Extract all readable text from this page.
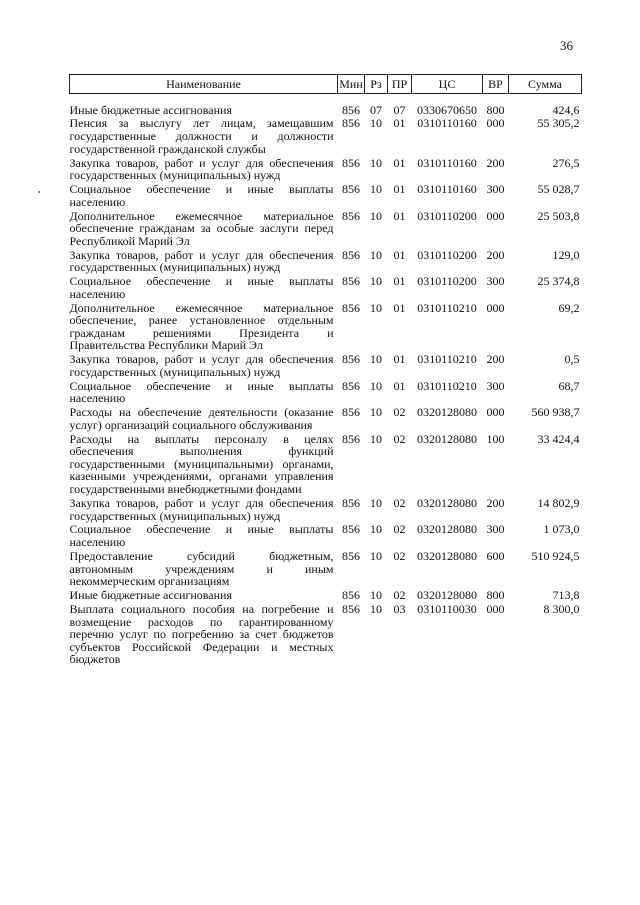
36
Наименование	Мин	Рз	ПР	ЦС	ВР	Сумма
Иные бюджетные ассигнования	856	07	07	0330670650	800	424,6
Пенсия за выслугу лет лицам, замещавшим государственные должности и должности государственной гражданской службы	856	10	01	0310110160	000	55 305,2
Закупка товаров, работ и услуг для обеспечения государственных (муниципальных) нужд	856	10	01	0310110160	200	276,5
Социальное обеспечение и иные выплаты населению	856	10	01	0310110160	300	55 028,7
Дополнительное ежемесячное материальное обеспечение гражданам за особые заслуги перед Республикой Марий Эл	856	10	01	0310110200	000	25 503,8
Закупка товаров, работ и услуг для обеспечения государственных (муниципальных) нужд	856	10	01	0310110200	200	129,0
Социальное обеспечение и иные выплаты населению	856	10	01	0310110200	300	25 374,8
Дополнительное ежемесячное материальное обеспечение, ранее установленное отдельным гражданам решениями Президента и Правительства Республики Марий Эл	856	10	01	0310110210	000	69,2
Закупка товаров, работ и услуг для обеспечения государственных (муниципальных) нужд	856	10	01	0310110210	200	0,5
Социальное обеспечение и иные выплаты населению	856	10	01	0310110210	300	68,7
Расходы на обеспечение деятельности (оказание услуг) организаций социального обслуживания	856	10	02	0320128080	000	560 938,7
Расходы на выплаты персоналу в целях обеспечения выполнения функций государственными (муниципальными) органами, казенными учреждениями, органами управления государственными внебюджетными фондами	856	10	02	0320128080	100	33 424,4
Закупка товаров, работ и услуг для обеспечения государственных (муниципальных) нужд	856	10	02	0320128080	200	14 802,9
Социальное обеспечение и иные выплаты населению	856	10	02	0320128080	300	1 073,0
Предоставление субсидий бюджетным, автономным учреждениям и иным некоммерческим организациям	856	10	02	0320128080	600	510 924,5
Иные бюджетные ассигнования	856	10	02	0320128080	800	713,8
Выплата социального пособия на погребение и возмещение расходов по гарантированному перечню услуг по погребению за счет бюджетов субъектов Российской Федерации и местных бюджетов	856	10	03	0310110030	000	8 300,0
